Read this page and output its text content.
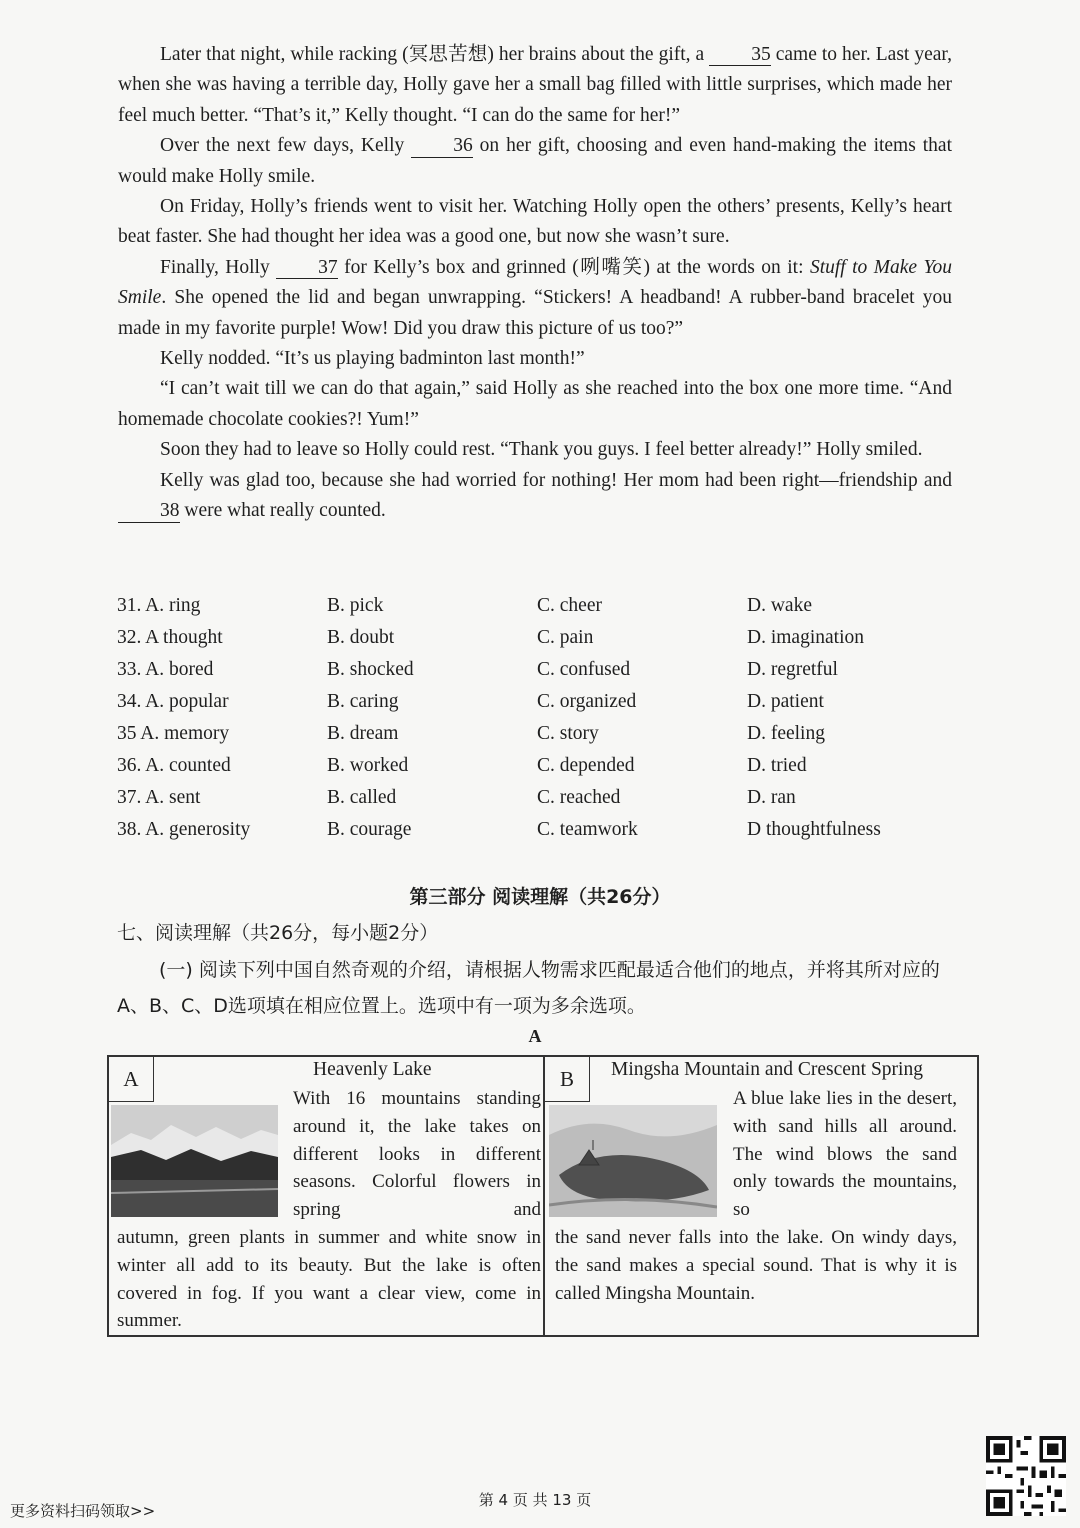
Later that night, while racking (冥思苦想) her brains about the gift, a 35 came to her. Last year, when she was having a terrible day, Holly gave her a small bag filled with little surprises, which made her feel much better. “That’s it,” Kelly thought. “I can do the same for her!”

Over the next few days, Kelly 36 on her gift, choosing and even hand-making the items that would make Holly smile.

On Friday, Holly’s friends went to visit her. Watching Holly open the others’ presents, Kelly’s heart beat faster. She had thought her idea was a good one, but now she wasn’t sure.

Finally, Holly 37 for Kelly’s box and grinned (咧嘴笑) at the words on it: Stuff to Make You Smile. She opened the lid and began unwrapping. “Stickers! A headband! A rubber-band bracelet you made in my favorite purple! Wow! Did you draw this picture of us too?”

Kelly nodded. “It’s us playing badminton last month!”

“I can’t wait till we can do that again,” said Holly as she reached into the box one more time. “And homemade chocolate cookies?! Yum!”

Soon they had to leave so Holly could rest. “Thank you guys. I feel better already!” Holly smiled.

Kelly was glad too, because she had worried for nothing! Her mom had been right—friendship and 38 were what really counted.

31. A. ring	B. pick	C. cheer	D. wake
32. A thought	B. doubt	C. pain	D. imagination
33. A. bored	B. shocked	C. confused	D. regretful
34. A. popular	B. caring	C. organized	D. patient
35 A. memory	B. dream	C. story	D. feeling
36. A. counted	B. worked	C. depended	D. tried
37. A. sent	B. called	C. reached	D. ran
38. A. generosity	B. courage	C. teamwork	D thoughtfulness
第三部分 阅读理解（共26分）
七、阅读理解（共26分，每小题2分）
(一) 阅读下列中国自然奇观的介绍，请根据人物需求匹配最适合他们的地点，并将其所对应的A、B、C、D选项填在相应位置上。选项中有一项为多余选项。
A
A	Heavenly Lake
With 16 mountains standing around it, the lake takes on different looks in different seasons. Colorful flowers in spring and
autumn, green plants in summer and white snow in winter all add to its beauty. But the lake is often covered in fog. If you want a clear view, come in summer.
B	Mingsha Mountain and Crescent Spring
A blue lake lies in the desert, with sand hills all around. The wind blows the sand only towards the mountains, so
the sand never falls into the lake. On windy days, the sand makes a special sound. That is why it is called Mingsha Mountain.
第 4 页 共 13 页
更多资料扫码领取>>
